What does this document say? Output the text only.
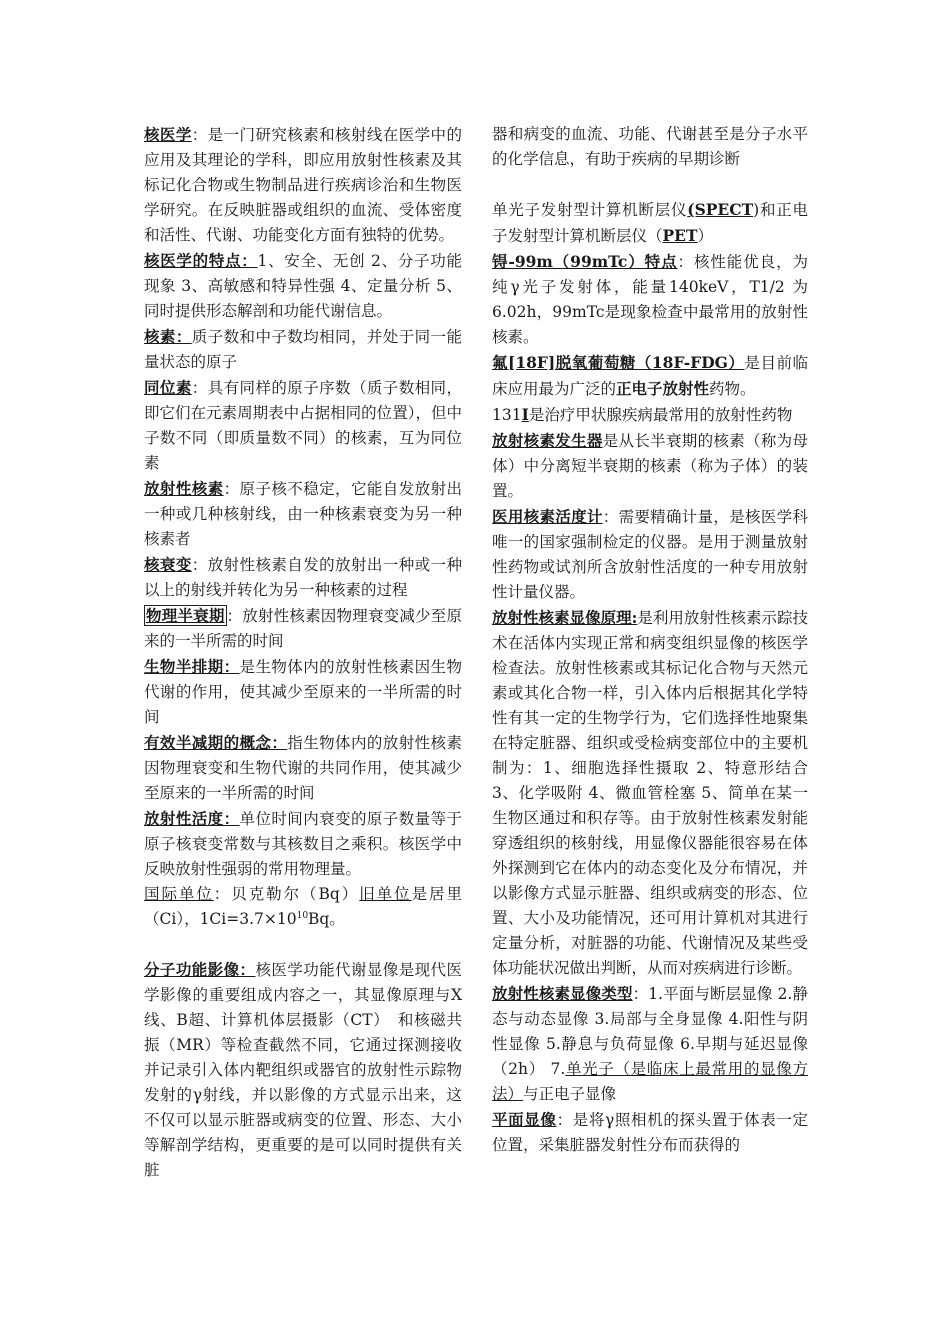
核医学：是一门研究核素和核射线在医学中的应用及其理论的学科，即应用放射性核素及其标记化合物或生物制品进行疾病诊治和生物医学研究。在反映脏器或组织的血流、受体密度和活性、代谢、功能变化方面有独特的优势。

核医学的特点：1、安全、无创 2、分子功能现象 3、高敏感和特异性强 4、定量分析 5、同时提供形态解剖和功能代谢信息。

核素：质子数和中子数均相同，并处于同一能量状态的原子

同位素：具有同样的原子序数（质子数相同，即它们在元素周期表中占据相同的位置），但中子数不同（即质量数不同）的核素，互为同位素

放射性核素：原子核不稳定，它能自发放射出一种或几种核射线，由一种核素衰变为另一种核素者

核衰变：放射性核素自发的放射出一种或一种以上的射线并转化为另一种核素的过程

物理半衰期 ：放射性核素因物理衰变减少至原来的一半所需的时间

生物半排期：是生物体内的放射性核素因生物代谢的作用，使其减少至原来的一半所需的时间

有效半减期的概念：指生物体内的放射性核素因物理衰变和生物代谢的共同作用，使其减少至原来的一半所需的时间

放射性活度：单位时间内衰变的原子数量等于原子核衰变常数与其核数目之乘积。核医学中反映放射性强弱的常用物理量。

国际单位：贝克勒尔（Bq）旧单位是居里（Ci），$1Ci=3.7\times 10^{10}Bq$。

分子功能影像：核医学功能代谢显像是现代医学影像的重要组成内容之一，其显像原理与X线、B超、计算机体层摄影（CT）　和核磁共振（MR）等检查截然不同，它通过探测接收并记录引入体内靶组织或器官的放射性示踪物发射的γ射线，并以影像的方式显示出来，这不仅可以显示脏器或病变的位置、形态、大小等解剖学结构，更重要的是可以同时提供有关脏

器和病变的血流、功能、代谢甚至是分子水平的化学信息，有助于疾病的早期诊断

单光子发射型计算机断层仪(SPECT)和正电子发射型计算机断层仪（PET）

锝-99m（99mTc）特点：核性能优良，为纯γ光子发射体，能量140keV，T1/2 为6.02h，99mTc是现象检查中最常用的放射性核素。

氟[18F]脱氧葡萄糖（18F-FDG）是目前临床应用最为广泛的正电子放射性药物。

131I是治疗甲状腺疾病最常用的放射性药物

放射核素发生器是从长半衰期的核素（称为母体）中分离短半衰期的核素（称为子体）的装置。

医用核素活度计：需要精确计量，是核医学科唯一的国家强制检定的仪器。是用于测量放射性药物或试剂所含放射性活度的一种专用放射性计量仪器。

放射性核素显像原理:是利用放射性核素示踪技术在活体内实现正常和病变组织显像的核医学检查法。放射性核素或其标记化合物与天然元素或其化合物一样，引入体内后根据其化学特性有其一定的生物学行为，它们选择性地聚集在特定脏器、组织或受检病变部位中的主要机制为：1、细胞选择性摄取 2、特意形结合 3、化学吸附 4、微血管栓塞 5、简单在某一生物区通过和积存等。由于放射性核素发射能穿透组织的核射线，用显像仪器能很容易在体外探测到它在体内的动态变化及分布情况，并以影像方式显示脏器、组织或病变的形态、位置、大小及功能情况，还可用计算机对其进行定量分析，对脏器的功能、代谢情况及某些受体功能状况做出判断，从而对疾病进行诊断。

放射性核素显像类型：1.平面与断层显像 2.静态与动态显像 3.局部与全身显像 4.阳性与阴性显像 5.静息与负荷显像 6.早期与延迟显像（2h） 7.单光子（是临床上最常用的显像方法）与正电子显像

平面显像：是将γ照相机的探头置于体表一定位置，采集脏器发射性分布而获得的
